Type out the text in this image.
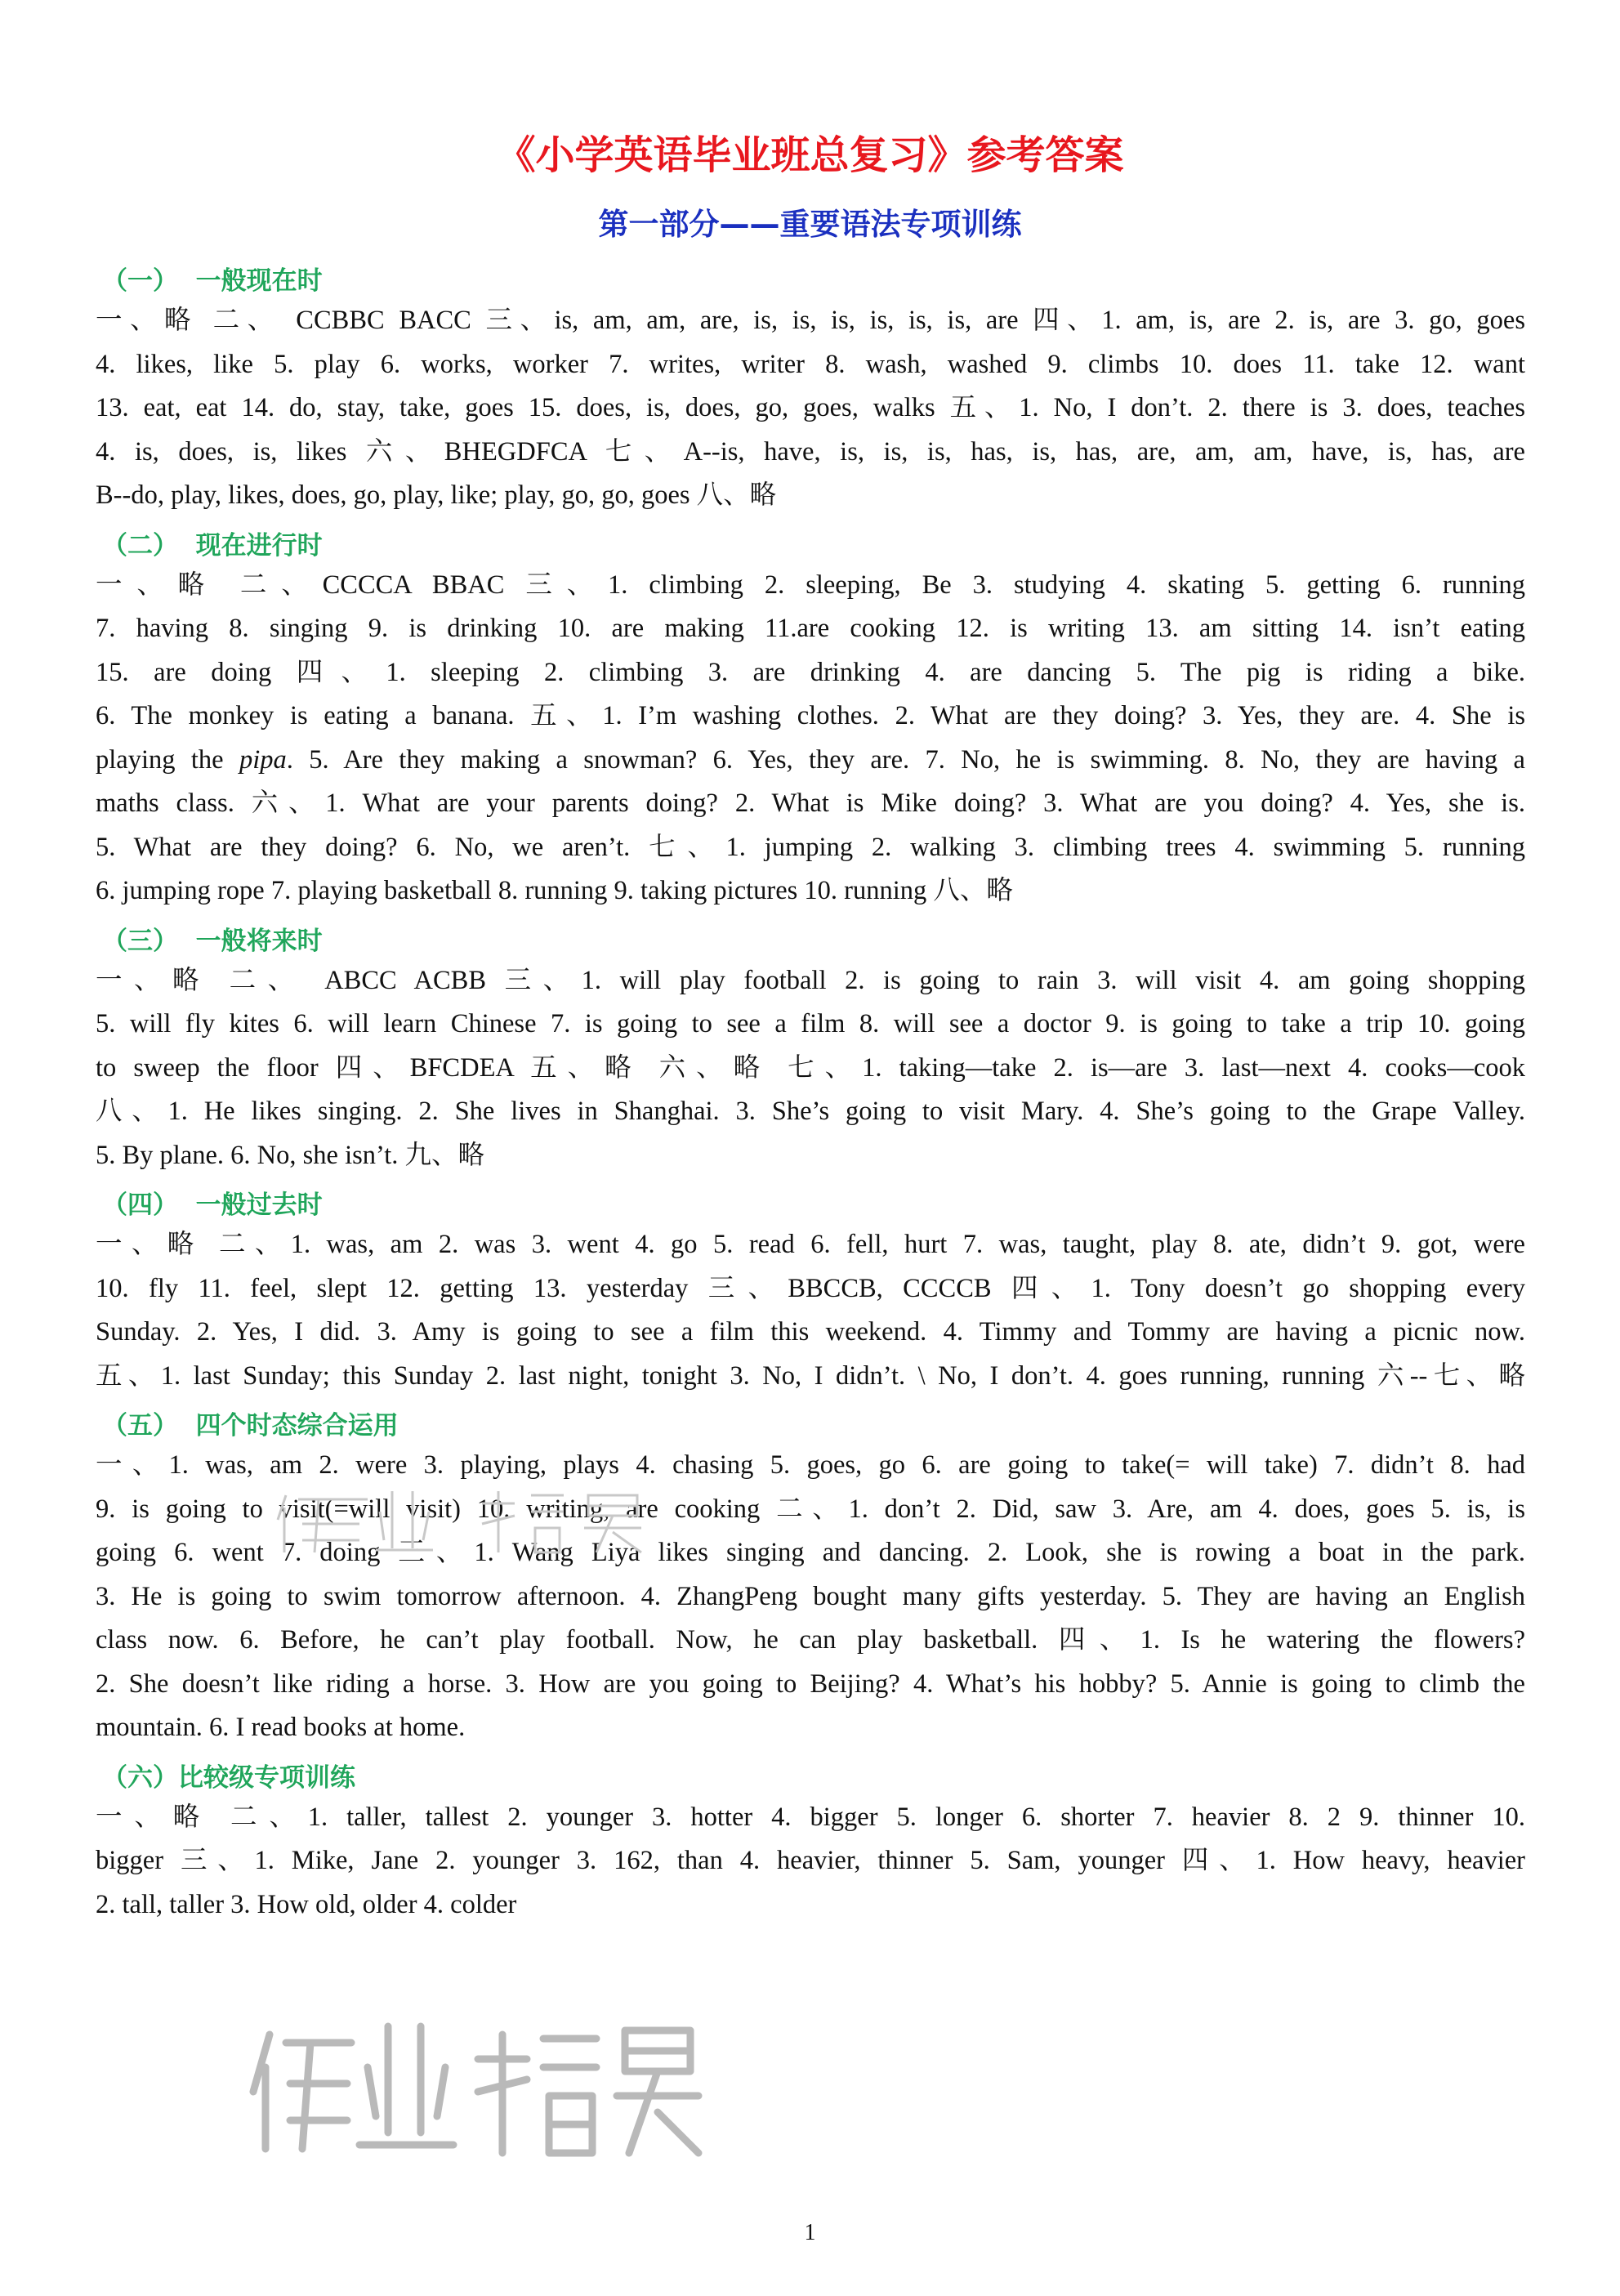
《小学英语毕业班总复习》参考答案
第一部分——重要语法专项训练
（一）  一般现在时
一、略 二、 CCBBC BACC 三、is, am, am, are, is, is, is, is, is, is, are 四、1. am, is, are 2. is, are 3. go, goes
4. likes, like 5. play 6. works, worker 7. writes, writer 8. wash, washed 9. climbs 10. does 11. take 12. want
13. eat, eat 14. do, stay, take, goes 15. does, is, does, go, goes, walks 五、1. No, I don’t. 2. there is 3. does, teaches
4. is, does, is, likes 六、BHEGDFCA 七、A--is, have, is, is, is, has, is, has, are, am, am, have, is, has, are
B--do, play, likes, does, go, play, like; play, go, go, goes 八、略
（二）  现在进行时
一、略 二、CCCCA BBAC 三、1. climbing 2. sleeping, Be 3. studying 4. skating 5. getting 6. running
7. having 8. singing 9. is drinking 10. are making 11.are cooking 12. is writing 13. am sitting 14. isn’t eating
15. are doing 四、1. sleeping 2. climbing 3. are drinking 4. are dancing 5. The pig is riding a bike.
6. The monkey is eating a banana. 五、1. I’m washing clothes. 2. What are they doing? 3. Yes, they are. 4. She is
playing the pipa. 5. Are they making a snowman? 6. Yes, they are. 7. No, he is swimming. 8. No, they are having a
maths class. 六、1. What are your parents doing? 2. What is Mike doing? 3. What are you doing? 4. Yes, she is.
5. What are they doing? 6. No, we aren’t. 七、1. jumping 2. walking 3. climbing trees 4. swimming 5. running
6. jumping rope 7. playing basketball 8. running 9. taking pictures 10. running 八、略
（三）  一般将来时
一、略 二、 ABCC ACBB 三、1. will play football 2. is going to rain 3. will visit 4. am going shopping
5. will fly kites 6. will learn Chinese 7. is going to see a film 8. will see a doctor 9. is going to take a trip 10. going
to sweep the floor 四、BFCDEA 五、略 六、略 七、1. taking—take 2. is—are 3. last—next 4. cooks—cook
八、1. He likes singing. 2. She lives in Shanghai. 3. She’s going to visit Mary. 4. She’s going to the Grape Valley.
5. By plane. 6. No, she isn’t. 九、略
（四）  一般过去时
一、略 二、1. was, am 2. was 3. went 4. go 5. read 6. fell, hurt 7. was, taught, play 8. ate, didn’t 9. got, were
10. fly 11. feel, slept 12. getting 13. yesterday 三、BBCCB, CCCCB 四、1. Tony doesn’t go shopping every
Sunday. 2. Yes, I did. 3. Amy is going to see a film this weekend. 4. Timmy and Tommy are having a picnic now.
五、1. last Sunday; this Sunday 2. last night, tonight 3. No, I didn’t. \ No, I don’t. 4. goes running, running 六--七、略
（五）  四个时态综合运用
一、1. was, am 2. were 3. playing, plays 4. chasing 5. goes, go 6. are going to take(= will take) 7. didn’t 8. had
9. is going to visit(=will visit) 10. writing, are cooking 二、1. don’t 2. Did, saw 3. Are, am 4. does, goes 5. is, is
going 6. went 7. doing 三、1. Wang Liya likes singing and dancing. 2. Look, she is rowing a boat in the park.
3. He is going to swim tomorrow afternoon. 4. ZhangPeng bought many gifts yesterday. 5. They are having an English
class now. 6. Before, he can’t play football. Now, he can play basketball. 四、1. Is he watering the flowers?
2. She doesn’t like riding a horse. 3. How are you going to Beijing? 4. What’s his hobby? 5. Annie is going to climb the
mountain. 6. I read books at home.
（六）比较级专项训练
一、略 二、1. taller, tallest 2. younger 3. hotter 4. bigger 5. longer 6. shorter 7. heavier 8. 2 9. thinner 10.
bigger 三、1. Mike, Jane 2. younger 3. 162, than 4. heavier, thinner 5. Sam, younger 四、1. How heavy, heavier
2. tall, taller 3. How old, older 4. colder
1
